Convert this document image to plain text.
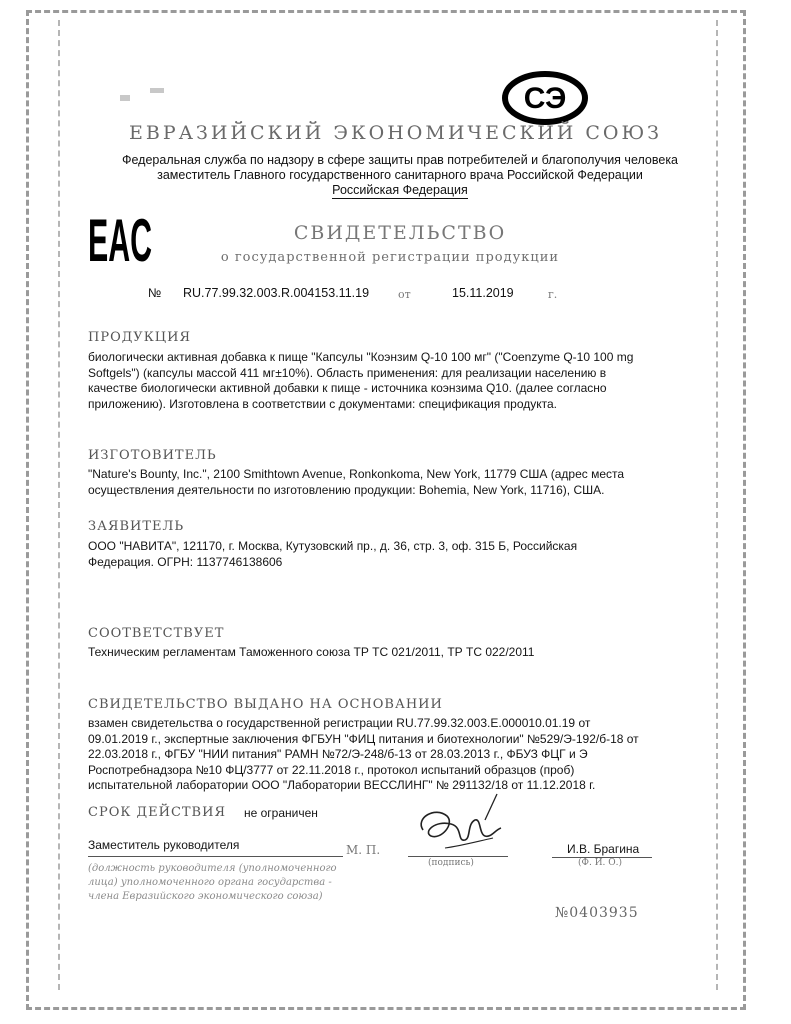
СЭ
ЕВРАЗИЙСКИЙ ЭКОНОМИЧЕСКИЙ СОЮЗ
Федеральная служба по надзору в сфере защиты прав потребителей и благополучия человека
заместитель Главного государственного санитарного врача Российской Федерации
Российская Федерация
EAC	СВИДЕТЕЛЬСТВО
о государственной регистрации продукции
№ RU.77.99.32.003.R.004153.11.19	от	15.11.2019	г.
ПРОДУКЦИЯ
биологически активная добавка к пище "Капсулы "Коэнзим Q-10 100 мг" ("Coenzyme Q-10 100 mg
Softgels") (капсулы массой 411 мг±10%). Область применения: для реализации населению в
качестве биологически активной добавки к пище - источника коэнзима Q10. (далее согласно
приложению). Изготовлена в соответствии с документами: спецификация продукта.
ИЗГОТОВИТЕЛЬ
"Nature's Bounty, Inc.", 2100 Smithtown Avenue, Ronkonkoma, New York, 11779 США (адрес места
осуществления деятельности по изготовлению продукции: Bohemia, New York, 11716), США.
ЗАЯВИТЕЛЬ
ООО "НАВИТА", 121170, г. Москва, Кутузовский пр., д. 36, стр. 3, оф. 315 Б, Российская
Федерация. ОГРН: 1137746138606
СООТВЕТСТВУЕТ
Техническим регламентам Таможенного союза ТР ТС 021/2011, ТР ТС 022/2011
СВИДЕТЕЛЬСТВО ВЫДАНО НА ОСНОВАНИИ
взамен свидетельства о государственной регистрации RU.77.99.32.003.Е.000010.01.19 от
09.01.2019 г., экспертные заключения ФГБУН "ФИЦ питания и биотехнологии" №529/Э-192/б-18 от
22.03.2018 г., ФГБУ "НИИ питания" РАМН №72/Э-248/б-13 от 28.03.2013 г., ФБУЗ ФЦГ и Э
Роспотребнадзора №10 ФЦ/3777 от 22.11.2018 г., протокол испытаний образцов (проб)
испытательной лаборатории ООО "Лаборатории ВЕССЛИНГ" № 291132/18 от 11.12.2018 г.
СРОК ДЕЙСТВИЯ не ограничен
Заместитель руководителя	М. П.
(подпись)
И.В. Брагина
(Ф. И. О.)
(должность руководителя (уполномоченного
лица) уполномоченного органа государства -
члена Евразийского экономического союза)
№0403935
